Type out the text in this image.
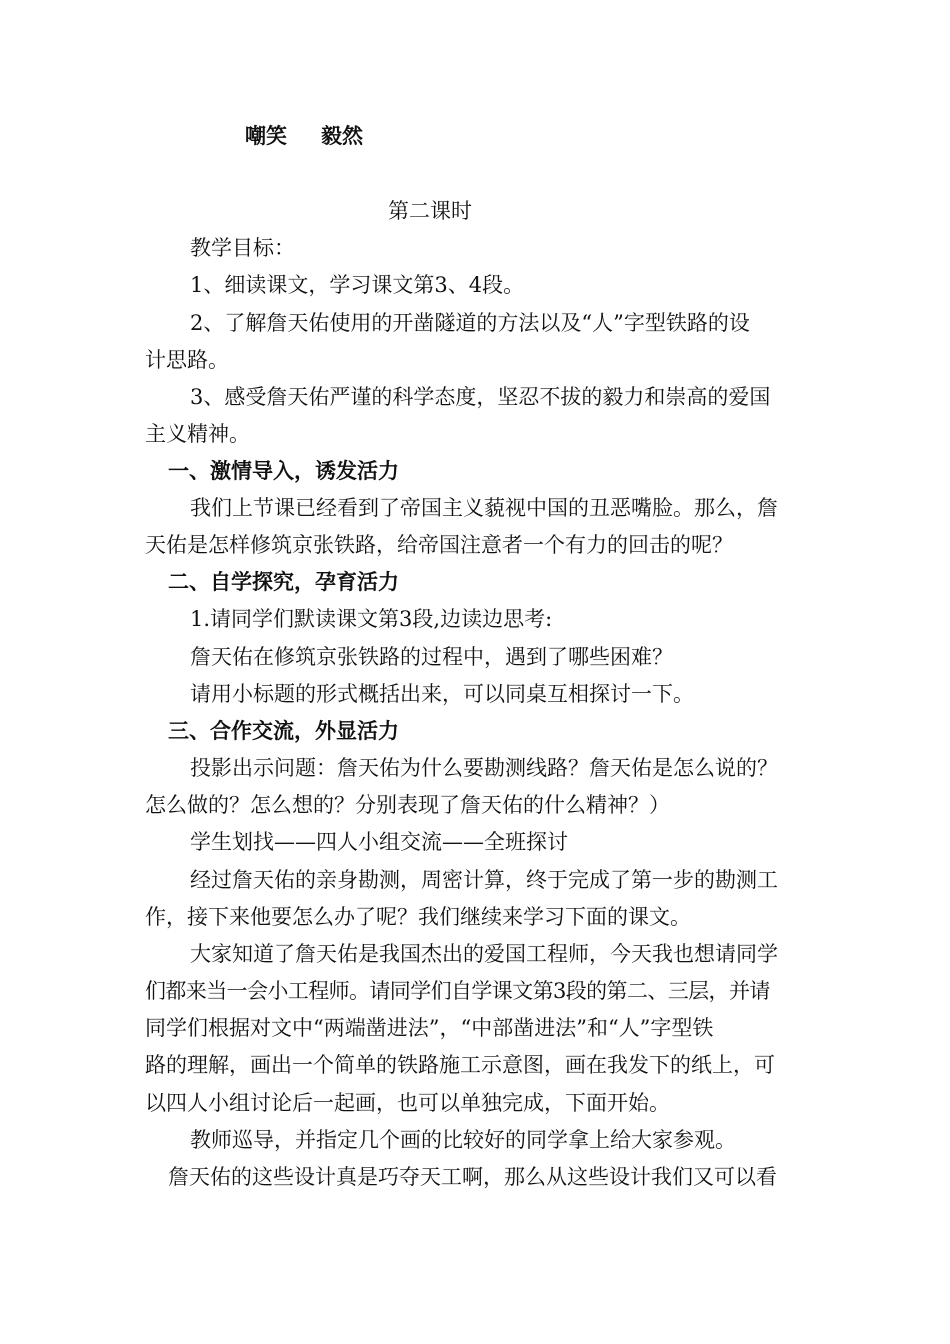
嘲笑 毅然
第二课时
教学目标：
1、细读课文，学习课文第3、4段。
2、了解詹天佑使用的开凿隧道的方法以及“人”字型铁路的设
计思路。
3、感受詹天佑严谨的科学态度，坚忍不拔的毅力和崇高的爱国
主义精神。
一、激情导入，诱发活力
我们上节课已经看到了帝国主义藐视中国的丑恶嘴脸。那么，詹
天佑是怎样修筑京张铁路，给帝国注意者一个有力的回击的呢？
二、自学探究，孕育活力
1.请同学们默读课文第3段,边读边思考:
詹天佑在修筑京张铁路的过程中，遇到了哪些困难？
请用小标题的形式概括出来，可以同桌互相探讨一下。
三、合作交流，外显活力
投影出示问题：詹天佑为什么要勘测线路？詹天佑是怎么说的？
怎么做的？怎么想的？分别表现了詹天佑的什么精神？）
学生划找——四人小组交流——全班探讨
经过詹天佑的亲身勘测，周密计算，终于完成了第一步的勘测工
作，接下来他要怎么办了呢？我们继续来学习下面的课文。
大家知道了詹天佑是我国杰出的爱国工程师，今天我也想请同学
们都来当一会小工程师。请同学们自学课文第3段的第二、三层，并请
同学们根据对文中“两端凿进法”，“中部凿进法”和“人”字型铁
路的理解，画出一个简单的铁路施工示意图，画在我发下的纸上，可
以四人小组讨论后一起画，也可以单独完成，下面开始。
教师巡导，并指定几个画的比较好的同学拿上给大家参观。
詹天佑的这些设计真是巧夺天工啊，那么从这些设计我们又可以看
